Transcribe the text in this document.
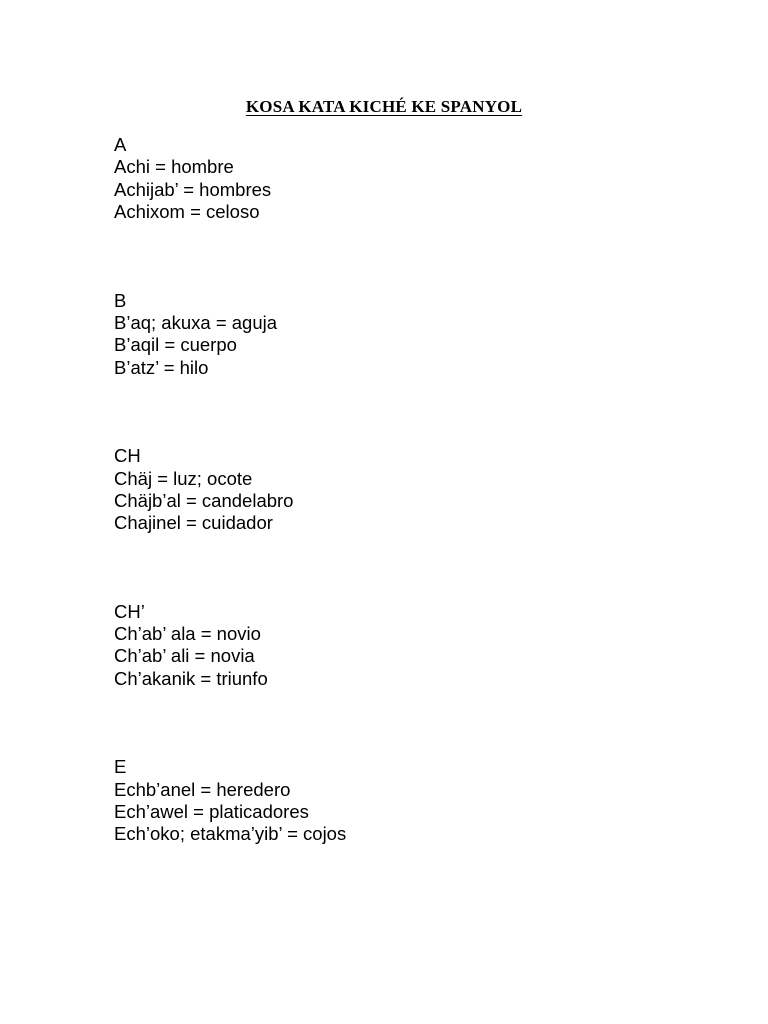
KOSA KATA KICHÉ KE SPANYOL
A
Achi = hombre
Achijab’ = hombres
Achixom = celoso
B
B’aq; akuxa = aguja
B’aqil = cuerpo
B’atz’ = hilo
CH
Chäj = luz; ocote
Chäjb’al = candelabro
Chajinel = cuidador
CH’
Ch’ab’ ala = novio
Ch’ab’ ali = novia
Ch’akanik = triunfo
E
Echb’anel = heredero
Ech’awel = platicadores
Ech’oko; etakma’yib’ = cojos
